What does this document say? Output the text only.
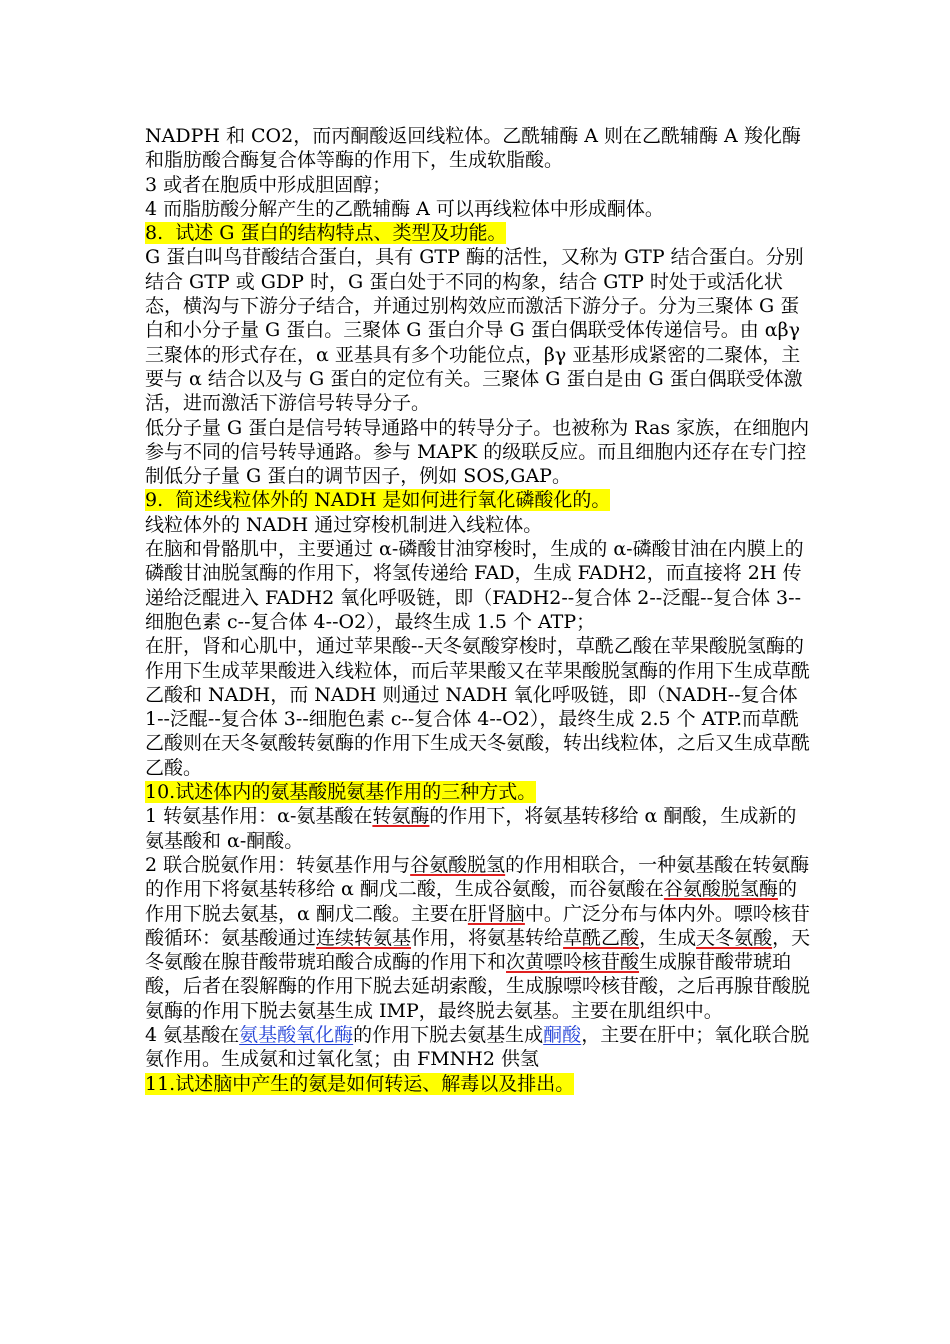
NADPH 和 CO2，而丙酮酸返回线粒体。乙酰辅酶 A 则在乙酰辅酶 A 羧化酶和脂肪酸合酶复合体等酶的作用下，生成软脂酸。
3 或者在胞质中形成胆固醇；
4 而脂肪酸分解产生的乙酰辅酶 A 可以再线粒体中形成酮体。
8.  试述 G 蛋白的结构特点、类型及功能。
G 蛋白叫鸟苷酸结合蛋白，具有 GTP 酶的活性，又称为 GTP 结合蛋白。分别结合 GTP 或 GDP 时，G 蛋白处于不同的构象，结合 GTP 时处于或活化状态，横沟与下游分子结合，并通过别构效应而激活下游分子。分为三聚体 G 蛋白和小分子量 G 蛋白。三聚体 G 蛋白介导 G 蛋白偶联受体传递信号。由 αβγ 三聚体的形式存在，α 亚基具有多个功能位点，βγ 亚基形成紧密的二聚体，主要与 α 结合以及与 G 蛋白的定位有关。三聚体 G 蛋白是由 G 蛋白偶联受体激活，进而激活下游信号转导分子。
低分子量 G 蛋白是信号转导通路中的转导分子。也被称为 Ras 家族，在细胞内参与不同的信号转导通路。参与 MAPK 的级联反应。而且细胞内还存在专门控制低分子量 G 蛋白的调节因子，例如 SOS,GAP。
9.  简述线粒体外的 NADH 是如何进行氧化磷酸化的。
线粒体外的 NADH 通过穿梭机制进入线粒体。
在脑和骨骼肌中，主要通过 α-磷酸甘油穿梭时，生成的 α-磷酸甘油在内膜上的磷酸甘油脱氢酶的作用下，将氢传递给 FAD，生成 FADH2，而直接将 2H 传递给泛醌进入 FADH2 氧化呼吸链，即（FADH2--复合体 2--泛醌--复合体 3--细胞色素 c--复合体 4--O2），最终生成 1.5 个 ATP；
在肝，肾和心肌中，通过苹果酸--天冬氨酸穿梭时，草酰乙酸在苹果酸脱氢酶的作用下生成苹果酸进入线粒体，而后苹果酸又在苹果酸脱氢酶的作用下生成草酰乙酸和 NADH，而 NADH 则通过 NADH 氧化呼吸链，即（NADH--复合体 1--泛醌--复合体 3--细胞色素 c--复合体 4--O2），最终生成 2.5 个 ATP.而草酰乙酸则在天冬氨酸转氨酶的作用下生成天冬氨酸，转出线粒体，之后又生成草酰乙酸。
10.试述体内的氨基酸脱氨基作用的三种方式。
1 转氨基作用：α-氨基酸在转氨酶的作用下，将氨基转移给 α 酮酸，生成新的氨基酸和 α-酮酸。
2 联合脱氨作用：转氨基作用与谷氨酸脱氢的作用相联合，一种氨基酸在转氨酶的作用下将氨基转移给 α 酮戊二酸，生成谷氨酸，而谷氨酸在谷氨酸脱氢酶的作用下脱去氨基，α 酮戊二酸。主要在肝肾脑中。广泛分布与体内外。嘌呤核苷酸循环：氨基酸通过连续转氨基作用，将氨基转给草酰乙酸，生成天冬氨酸，天冬氨酸在腺苷酸带琥珀酸合成酶的作用下和次黄嘌呤核苷酸生成腺苷酸带琥珀酸，后者在裂解酶的作用下脱去延胡索酸，生成腺嘌呤核苷酸，之后再腺苷酸脱氨酶的作用下脱去氨基生成 IMP，最终脱去氨基。主要在肌组织中。
4 氨基酸在氨基酸氧化酶的作用下脱去氨基生成酮酸，主要在肝中；氧化联合脱氨作用。生成氨和过氧化氢；由 FMNH2 供氢
11.试述脑中产生的氨是如何转运、解毒以及排出。
